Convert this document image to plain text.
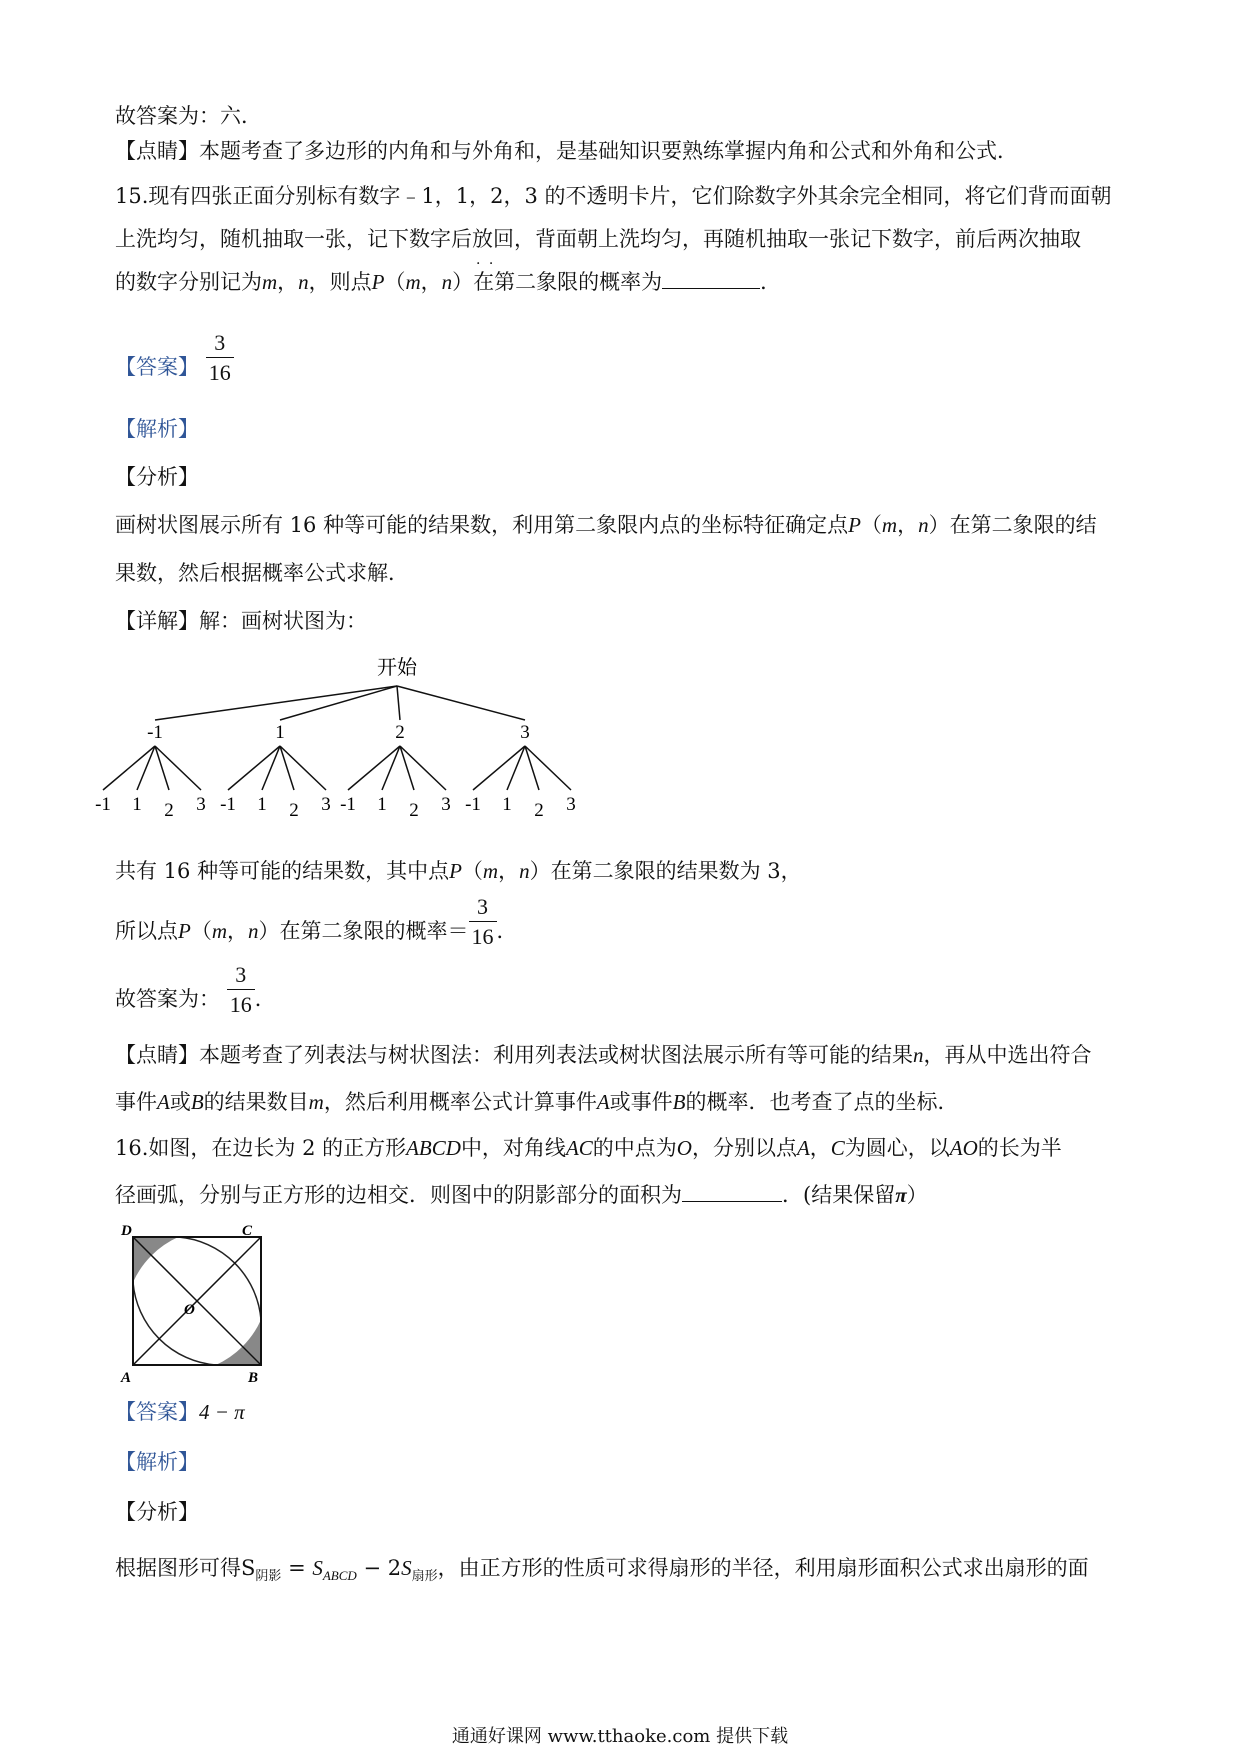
故答案为：六．
【点睛】本题考查了多边形的内角和与外角和，是基础知识要熟练掌握内角和公式和外角和公式．
15.现有四张正面分别标有数字﹣1，1，2，3 的不透明卡片，它们除数字外其余完全相同，将它们背而面朝
上洗均匀，随机抽取一张，记下数字后放回 · ·，背面朝上洗均匀，再随机抽取一张记下数字，前后两次抽取
的数字分别记为m，n，则点P（m，n）在第二象限的概率为	．
【答案】 $\frac{3}{16}$
【解析】
【分析】
画树状图展示所有 16 种等可能的结果数，利用第二象限内点的坐标特征确定点P（m，n）在第二象限的结
果数，然后根据概率公式求解．
【详解】解：画树状图为：
开始
-1
-1 1 2 3
1
-1 1 2 3
2
-1 1 2 3
3
-1 1 2 3
共有 16 种等可能的结果数，其中点P（m，n）在第二象限的结果数为 3，
所以点P（m，n）在第二象限的概率＝ $\frac{3}{16}$ ．
故答案为： $\frac{3}{16}$ ．
【点睛】本题考查了列表法与树状图法：利用列表法或树状图法展示所有等可能的结果n，再从中选出符合
事件A或B的结果数目m，然后利用概率公式计算事件A或事件B的概率．也考查了点的坐标．
16.如图，在边长为 2 的正方形ABCD中，对角线AC的中点为O，分别以点A，C为圆心，以AO的长为半
径画弧，分别与正方形的边相交．则图中的阴影部分的面积为	．(结果保留π）
D	C
A	B
O
【答案】4 − π
【解析】
【分析】
根据图形可得$S_{阴影} = S_{ABCD} - 2S_{扇形}$，由正方形的性质可求得扇形的半径，利用扇形面积公式求出扇形的面
通通好课网 www.tthaoke.com 提供下载
